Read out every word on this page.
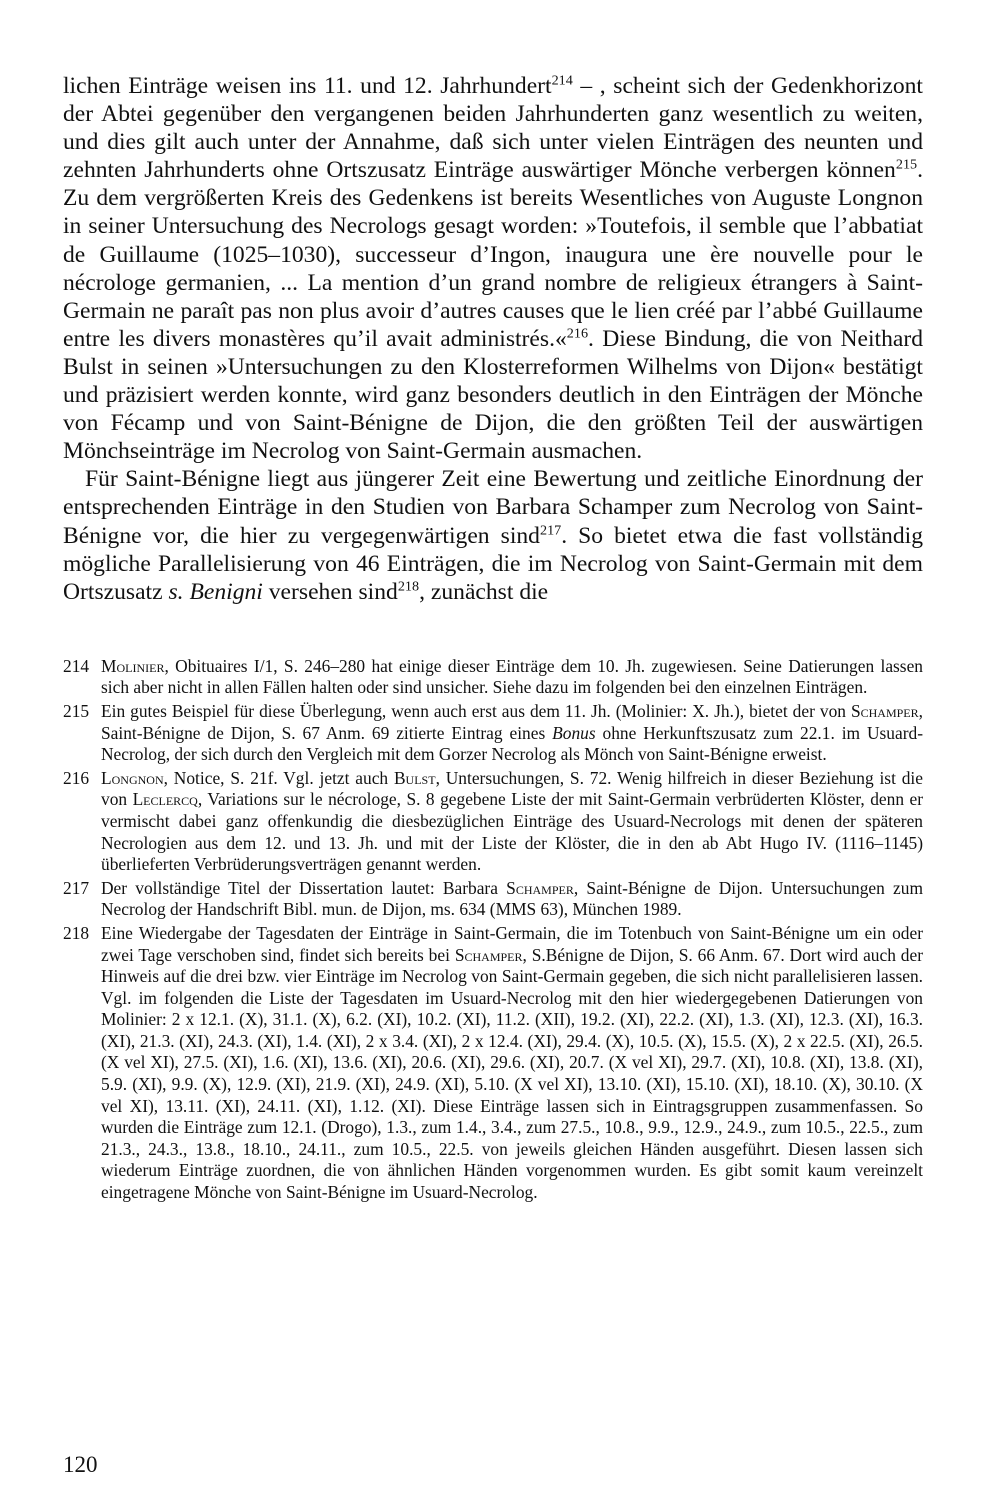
lichen Einträge weisen ins 11. und 12. Jahrhundert$^{214}$ – , scheint sich der Gedenkhorizont der Abtei gegenüber den vergangenen beiden Jahrhunderten ganz wesentlich zu weiten, und dies gilt auch unter der Annahme, daß sich unter vielen Einträgen des neunten und zehnten Jahrhunderts ohne Ortszusatz Einträge auswärtiger Mönche verbergen können$^{215}$. Zu dem vergrößerten Kreis des Gedenkens ist bereits Wesentliches von Auguste Longnon in seiner Untersuchung des Necrologs gesagt worden: »Toutefois, il semble que l’abbatiat de Guillaume (1025–1030), successeur d’Ingon, inaugura une ère nouvelle pour le nécrologe germanien, ... La mention d’un grand nombre de religieux étrangers à Saint-Germain ne paraît pas non plus avoir d’autres causes que le lien créé par l’abbé Guillaume entre les divers monastères qu’il avait administrés.«$^{216}$. Diese Bindung, die von Neithard Bulst in seinen »Untersuchungen zu den Klosterreformen Wilhelms von Dijon« bestätigt und präzisiert werden konnte, wird ganz besonders deutlich in den Einträgen der Mönche von Fécamp und von Saint-Bénigne de Dijon, die den größten Teil der auswärtigen Mönchseinträge im Necrolog von Saint-Germain ausmachen.

Für Saint-Bénigne liegt aus jüngerer Zeit eine Bewertung und zeitliche Einordnung der entsprechenden Einträge in den Studien von Barbara Schamper zum Necrolog von Saint-Bénigne vor, die hier zu vergegenwärtigen sind$^{217}$. So bietet etwa die fast vollständig mögliche Parallelisierung von 46 Einträgen, die im Necrolog von Saint-Germain mit dem Ortszusatz s. Benigni versehen sind$^{218}$, zunächst die

214 Molinier, Obituaires I/1, S. 246–280 hat einige dieser Einträge dem 10. Jh. zugewiesen. Seine Datierungen lassen sich aber nicht in allen Fällen halten oder sind unsicher. Siehe dazu im folgenden bei den einzelnen Einträgen.
215 Ein gutes Beispiel für diese Überlegung, wenn auch erst aus dem 11. Jh. (Molinier: X. Jh.), bietet der von Schamper, Saint-Bénigne de Dijon, S. 67 Anm. 69 zitierte Eintrag eines Bonus ohne Herkunftszusatz zum 22.1. im Usuard-Necrolog, der sich durch den Vergleich mit dem Gorzer Necrolog als Mönch von Saint-Bénigne erweist.
216 Longnon, Notice, S. 21f. Vgl. jetzt auch Bulst, Untersuchungen, S. 72. Wenig hilfreich in dieser Beziehung ist die von Leclercq, Variations sur le nécrologe, S. 8 gegebene Liste der mit Saint-Germain verbrüderten Klöster, denn er vermischt dabei ganz offenkundig die diesbezüglichen Einträge des Usuard-Necrologs mit denen der späteren Necrologien aus dem 12. und 13. Jh. und mit der Liste der Klöster, die in den ab Abt Hugo IV. (1116–1145) überlieferten Verbrüderungsverträgen genannt werden.
217 Der vollständige Titel der Dissertation lautet: Barbara Schamper, Saint-Bénigne de Dijon. Untersuchungen zum Necrolog der Handschrift Bibl. mun. de Dijon, ms. 634 (MMS 63), München 1989.
218 Eine Wiedergabe der Tagesdaten der Einträge in Saint-Germain, die im Totenbuch von Saint-Bénigne um ein oder zwei Tage verschoben sind, findet sich bereits bei Schamper, S.Bénigne de Dijon, S. 66 Anm. 67. Dort wird auch der Hinweis auf die drei bzw. vier Einträge im Necrolog von Saint-Germain gegeben, die sich nicht parallelisieren lassen. Vgl. im folgenden die Liste der Tagesdaten im Usuard-Necrolog mit den hier wiedergegebenen Datierungen von Molinier: 2 x 12.1. (X), 31.1. (X), 6.2. (XI), 10.2. (XI), 11.2. (XII), 19.2. (XI), 22.2. (XI), 1.3. (XI), 12.3. (XI), 16.3. (XI), 21.3. (XI), 24.3. (XI), 1.4. (XI), 2 x 3.4. (XI), 2 x 12.4. (XI), 29.4. (X), 10.5. (X), 15.5. (X), 2 x 22.5. (XI), 26.5. (X vel XI), 27.5. (XI), 1.6. (XI), 13.6. (XI), 20.6. (XI), 29.6. (XI), 20.7. (X vel XI), 29.7. (XI), 10.8. (XI), 13.8. (XI), 5.9. (XI), 9.9. (X), 12.9. (XI), 21.9. (XI), 24.9. (XI), 5.10. (X vel XI), 13.10. (XI), 15.10. (XI), 18.10. (X), 30.10. (X vel XI), 13.11. (XI), 24.11. (XI), 1.12. (XI). Diese Einträge lassen sich in Eintragsgruppen zusammenfassen. So wurden die Einträge zum 12.1. (Drogo), 1.3., zum 1.4., 3.4., zum 27.5., 10.8., 9.9., 12.9., 24.9., zum 10.5., 22.5., zum 21.3., 24.3., 13.8., 18.10., 24.11., zum 10.5., 22.5. von jeweils gleichen Händen ausgeführt. Diesen lassen sich wiederum Einträge zuordnen, die von ähnlichen Händen vorgenommen wurden. Es gibt somit kaum vereinzelt eingetragene Mönche von Saint-Bénigne im Usuard-Necrolog.
120
